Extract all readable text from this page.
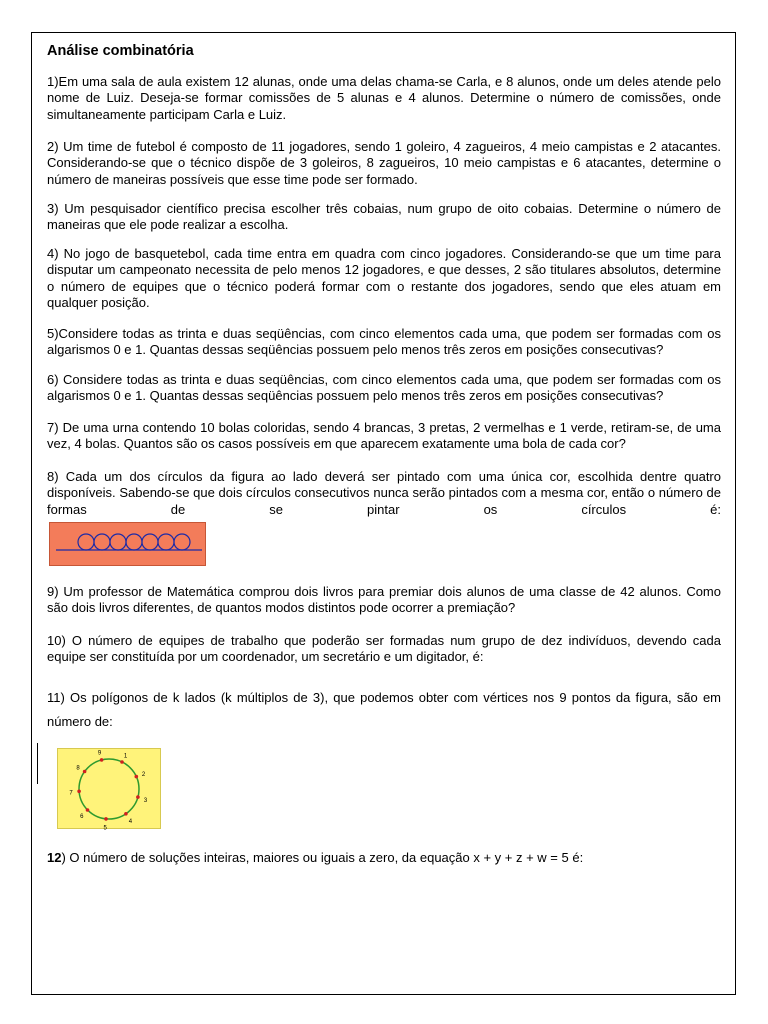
Análise combinatória
1)Em uma sala de aula existem 12 alunas, onde uma delas chama-se Carla, e 8 alunos, onde um deles atende pelo nome de Luiz. Deseja-se formar comissões de 5 alunas e 4 alunos. Determine o número de comissões, onde simultaneamente participam Carla e Luiz.
2) Um time de futebol é composto de 11 jogadores, sendo 1 goleiro, 4 zagueiros, 4 meio campistas e 2 atacantes. Considerando-se que o técnico dispõe de 3 goleiros, 8 zagueiros, 10 meio campistas e 6 atacantes, determine o número de maneiras possíveis que esse time pode ser formado.
3) Um pesquisador científico precisa escolher três cobaias, num grupo de oito cobaias. Determine o número de maneiras que ele pode realizar a escolha.
4) No jogo de basquetebol, cada time entra em quadra com cinco jogadores. Considerando-se que um time para disputar um campeonato necessita de pelo menos 12 jogadores, e que desses, 2 são titulares absolutos, determine o número de equipes que o técnico poderá formar com o restante dos jogadores, sendo que eles atuam em qualquer posição.
5)Considere todas as trinta e duas seqüências, com cinco elementos cada uma, que podem ser formadas com os algarismos 0 e 1. Quantas dessas seqüências possuem pelo menos três zeros em posições consecutivas?
6) Considere todas as trinta e duas seqüências, com cinco elementos cada uma, que podem ser formadas com os algarismos 0 e 1. Quantas dessas seqüências possuem pelo menos três zeros em posições consecutivas?
7) De uma urna contendo 10 bolas coloridas, sendo 4 brancas, 3 pretas, 2 vermelhas e 1 verde, retiram-se, de uma vez, 4 bolas. Quantos são os casos possíveis em que aparecem exatamente uma bola de cada cor?
8) Cada um dos círculos da figura ao lado deverá ser pintado com uma única cor, escolhida dentre quatro disponíveis. Sabendo-se que dois círculos consecutivos nunca serão pintados com a mesma cor, então o número de formas de se pintar os círculos é:
9) Um professor de Matemática comprou dois livros para premiar dois alunos de uma classe de 42 alunos. Como são dois livros diferentes, de quantos modos distintos pode ocorrer a premiação?
10) O número de equipes de trabalho que poderão ser formadas num grupo de dez indivíduos, devendo cada equipe ser constituída por um coordenador, um secretário e um digitador, é:
11) Os polígonos de k lados (k múltiplos de 3), que podemos obter com vértices nos 9 pontos da figura, são em número de:
1
2
3
4
5
6
7
8
9
12) O número de soluções inteiras, maiores ou iguais a zero, da equação x + y + z + w = 5 é:
